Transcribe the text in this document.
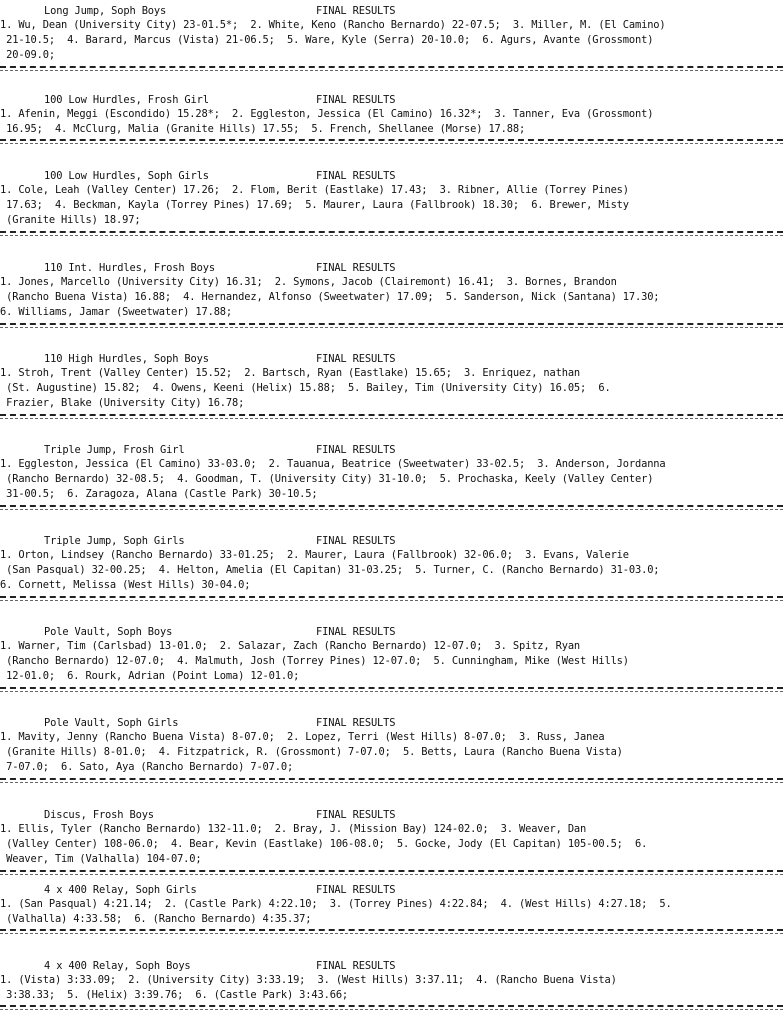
Long Jump, Soph Boys

	FINAL RESULTS

1. Wu, Dean (University City) 23-01.5*;  2. White, Keno (Rancho Bernardo) 22-07.5;  3. Miller, M. (El Camino)
21-10.5;  4. Barard, Marcus (Vista) 21-06.5;  5. Ware, Kyle (Serra) 20-10.0;  6. Agurs, Avante (Grossmont)
20-09.0;

100 Low Hurdles, Frosh Girl

	FINAL RESULTS

1. Afenin, Meggi (Escondido) 15.28*;  2. Eggleston, Jessica (El Camino) 16.32*;  3. Tanner, Eva (Grossmont)
16.95;  4. McClurg, Malia (Granite Hills) 17.55;  5. French, Shellanee (Morse) 17.88;

100 Low Hurdles, Soph Girls

	FINAL RESULTS

1. Cole, Leah (Valley Center) 17.26;  2. Flom, Berit (Eastlake) 17.43;  3. Ribner, Allie (Torrey Pines)
17.63;  4. Beckman, Kayla (Torrey Pines) 17.69;  5. Maurer, Laura (Fallbrook) 18.30;  6. Brewer, Misty
(Granite Hills) 18.97;

110 Int. Hurdles, Frosh Boys

	FINAL RESULTS

1. Jones, Marcello (University City) 16.31;  2. Symons, Jacob (Clairemont) 16.41;  3. Bornes, Brandon
(Rancho Buena Vista) 16.88;  4. Hernandez, Alfonso (Sweetwater) 17.09;  5. Sanderson, Nick (Santana) 17.30;
6. Williams, Jamar (Sweetwater) 17.88;

110 High Hurdles, Soph Boys

	FINAL RESULTS

1. Stroh, Trent (Valley Center) 15.52;  2. Bartsch, Ryan (Eastlake) 15.65;  3. Enriquez, nathan
(St. Augustine) 15.82;  4. Owens, Keeni (Helix) 15.88;  5. Bailey, Tim (University City) 16.05;  6.
Frazier, Blake (University City) 16.78;

Triple Jump, Frosh Girl

	FINAL RESULTS

1. Eggleston, Jessica (El Camino) 33-03.0;  2. Tauanua, Beatrice (Sweetwater) 33-02.5;  3. Anderson, Jordanna
(Rancho Bernardo) 32-08.5;  4. Goodman, T. (University City) 31-10.0;  5. Prochaska, Keely (Valley Center)
31-00.5;  6. Zaragoza, Alana (Castle Park) 30-10.5;

Triple Jump, Soph Girls

	FINAL RESULTS

1. Orton, Lindsey (Rancho Bernardo) 33-01.25;  2. Maurer, Laura (Fallbrook) 32-06.0;  3. Evans, Valerie
(San Pasqual) 32-00.25;  4. Helton, Amelia (El Capitan) 31-03.25;  5. Turner, C. (Rancho Bernardo) 31-03.0;
6. Cornett, Melissa (West Hills) 30-04.0;

Pole Vault, Soph Boys

	FINAL RESULTS

1. Warner, Tim (Carlsbad) 13-01.0;  2. Salazar, Zach (Rancho Bernardo) 12-07.0;  3. Spitz, Ryan
(Rancho Bernardo) 12-07.0;  4. Malmuth, Josh (Torrey Pines) 12-07.0;  5. Cunningham, Mike (West Hills)
12-01.0;  6. Rourk, Adrian (Point Loma) 12-01.0;

Pole Vault, Soph Girls

	FINAL RESULTS

1. Mavity, Jenny (Rancho Buena Vista) 8-07.0;  2. Lopez, Terri (West Hills) 8-07.0;  3. Russ, Janea
(Granite Hills) 8-01.0;  4. Fitzpatrick, R. (Grossmont) 7-07.0;  5. Betts, Laura (Rancho Buena Vista)
7-07.0;  6. Sato, Aya (Rancho Bernardo) 7-07.0;

Discus, Frosh Boys

	FINAL RESULTS

1. Ellis, Tyler (Rancho Bernardo) 132-11.0;  2. Bray, J. (Mission Bay) 124-02.0;  3. Weaver, Dan
(Valley Center) 108-06.0;  4. Bear, Kevin (Eastlake) 106-08.0;  5. Gocke, Jody (El Capitan) 105-00.5;  6.
Weaver, Tim (Valhalla) 104-07.0;

4 x 400 Relay, Soph Girls

	FINAL RESULTS

1. (San Pasqual) 4:21.14;  2. (Castle Park) 4:22.10;  3. (Torrey Pines) 4:22.84;  4. (West Hills) 4:27.18;  5.
(Valhalla) 4:33.58;  6. (Rancho Bernardo) 4:35.37;

4 x 400 Relay, Soph Boys

	FINAL RESULTS

1. (Vista) 3:33.09;  2. (University City) 3:33.19;  3. (West Hills) 3:37.11;  4. (Rancho Buena Vista)
3:38.33;  5. (Helix) 3:39.76;  6. (Castle Park) 3:43.66;
